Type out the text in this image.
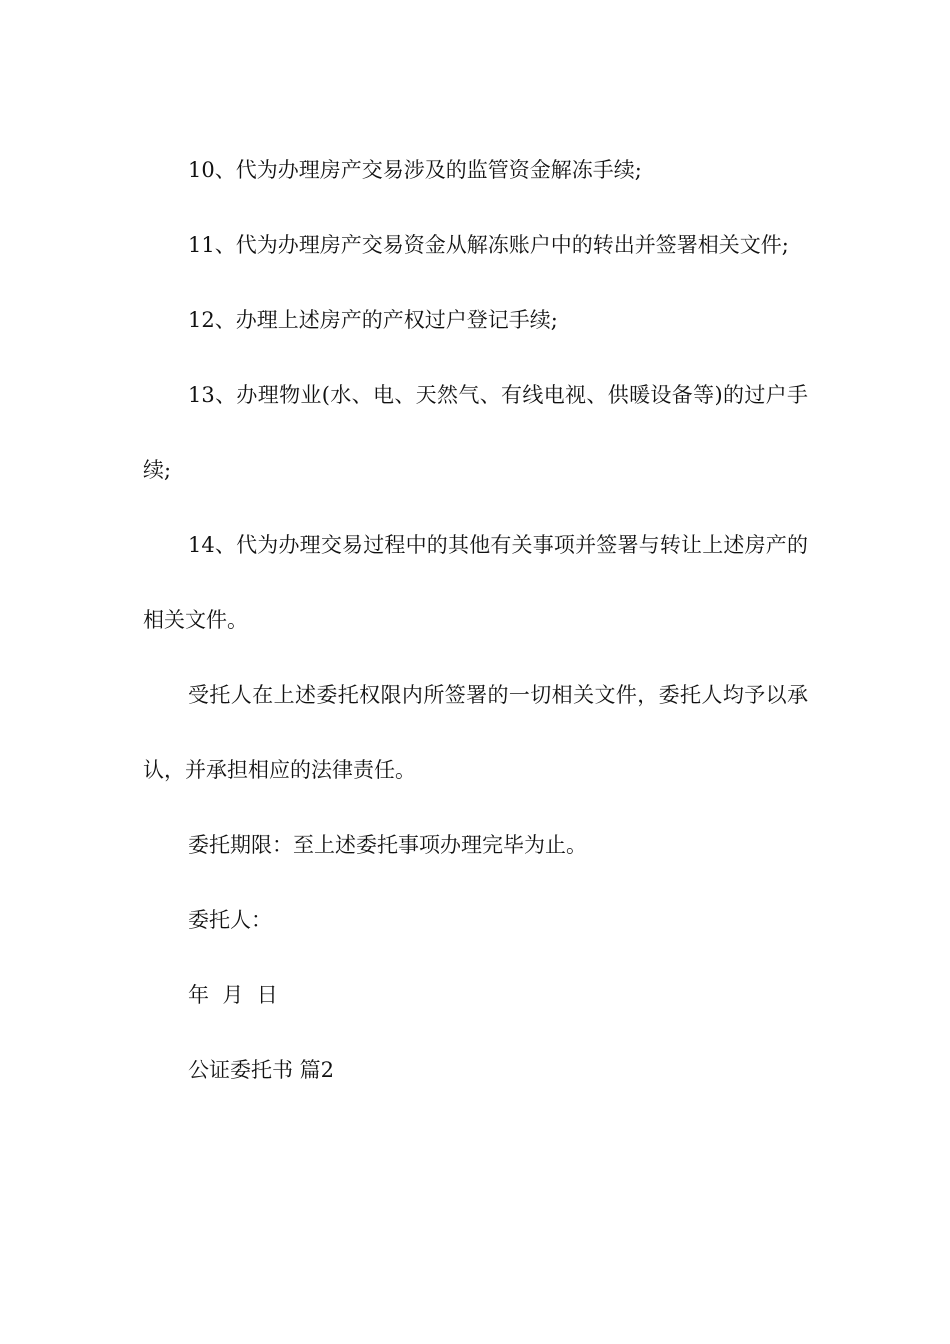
10、代为办理房产交易涉及的监管资金解冻手续;

11、代为办理房产交易资金从解冻账户中的转出并签署相关文件;

12、办理上述房产的产权过户登记手续;

13、办理物业(水、电、天然气、有线电视、供暖设备等)的过户手续;

14、代为办理交易过程中的其他有关事项并签署与转让上述房产的相关文件。

受托人在上述委托权限内所签署的一切相关文件，委托人均予以承认，并承担相应的法律责任。

委托期限：至上述委托事项办理完毕为止。

委托人：

年  月  日

公证委托书 篇2
